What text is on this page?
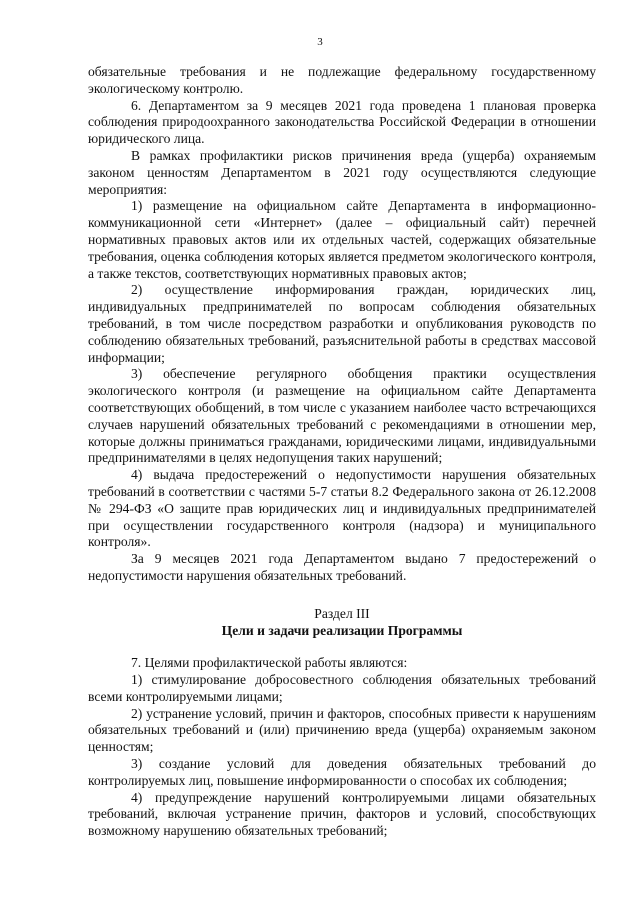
3

обязательные требования и не подлежащие федеральному государственному экологическому контролю.

6. Департаментом за 9 месяцев 2021 года проведена 1 плановая проверка соблюдения природоохранного законодательства Российской Федерации в отношении юридического лица.

В рамках профилактики рисков причинения вреда (ущерба) охраняемым законом ценностям Департаментом в 2021 году осуществляются следующие мероприятия:

1) размещение на официальном сайте Департамента в информационно-коммуникационной сети «Интернет» (далее – официальный сайт) перечней нормативных правовых актов или их отдельных частей, содержащих обязательные требования, оценка соблюдения которых является предметом экологического контроля, а также текстов, соответствующих нормативных правовых актов;

2) осуществление информирования граждан, юридических лиц, индивидуальных предпринимателей по вопросам соблюдения обязательных требований, в том числе посредством разработки и опубликования руководств по соблюдению обязательных требований, разъяснительной работы в средствах массовой информации;

3) обеспечение регулярного обобщения практики осуществления экологического контроля (и размещение на официальном сайте Департамента соответствующих обобщений, в том числе с указанием наиболее часто встречающихся случаев нарушений обязательных требований с рекомендациями в отношении мер, которые должны приниматься гражданами, юридическими лицами, индивидуальными предпринимателями в целях недопущения таких нарушений;

4) выдача предостережений о недопустимости нарушения обязательных требований в соответствии с частями 5-7 статьи 8.2 Федерального закона от 26.12.2008 № 294-ФЗ «О защите прав юридических лиц и индивидуальных предпринимателей при осуществлении государственного контроля (надзора) и муниципального контроля».

За 9 месяцев 2021 года Департаментом выдано 7 предостережений о недопустимости нарушения обязательных требований.

Раздел III

Цели и задачи реализации Программы

7. Целями профилактической работы являются:

1) стимулирование добросовестного соблюдения обязательных требований всеми контролируемыми лицами;

2) устранение условий, причин и факторов, способных привести к нарушениям обязательных требований и (или) причинению вреда (ущерба) охраняемым законом ценностям;

3) создание условий для доведения обязательных требований до контролируемых лиц, повышение информированности о способах их соблюдения;

4) предупреждение нарушений контролируемыми лицами обязательных требований, включая устранение причин, факторов и условий, способствующих возможному нарушению обязательных требований;
